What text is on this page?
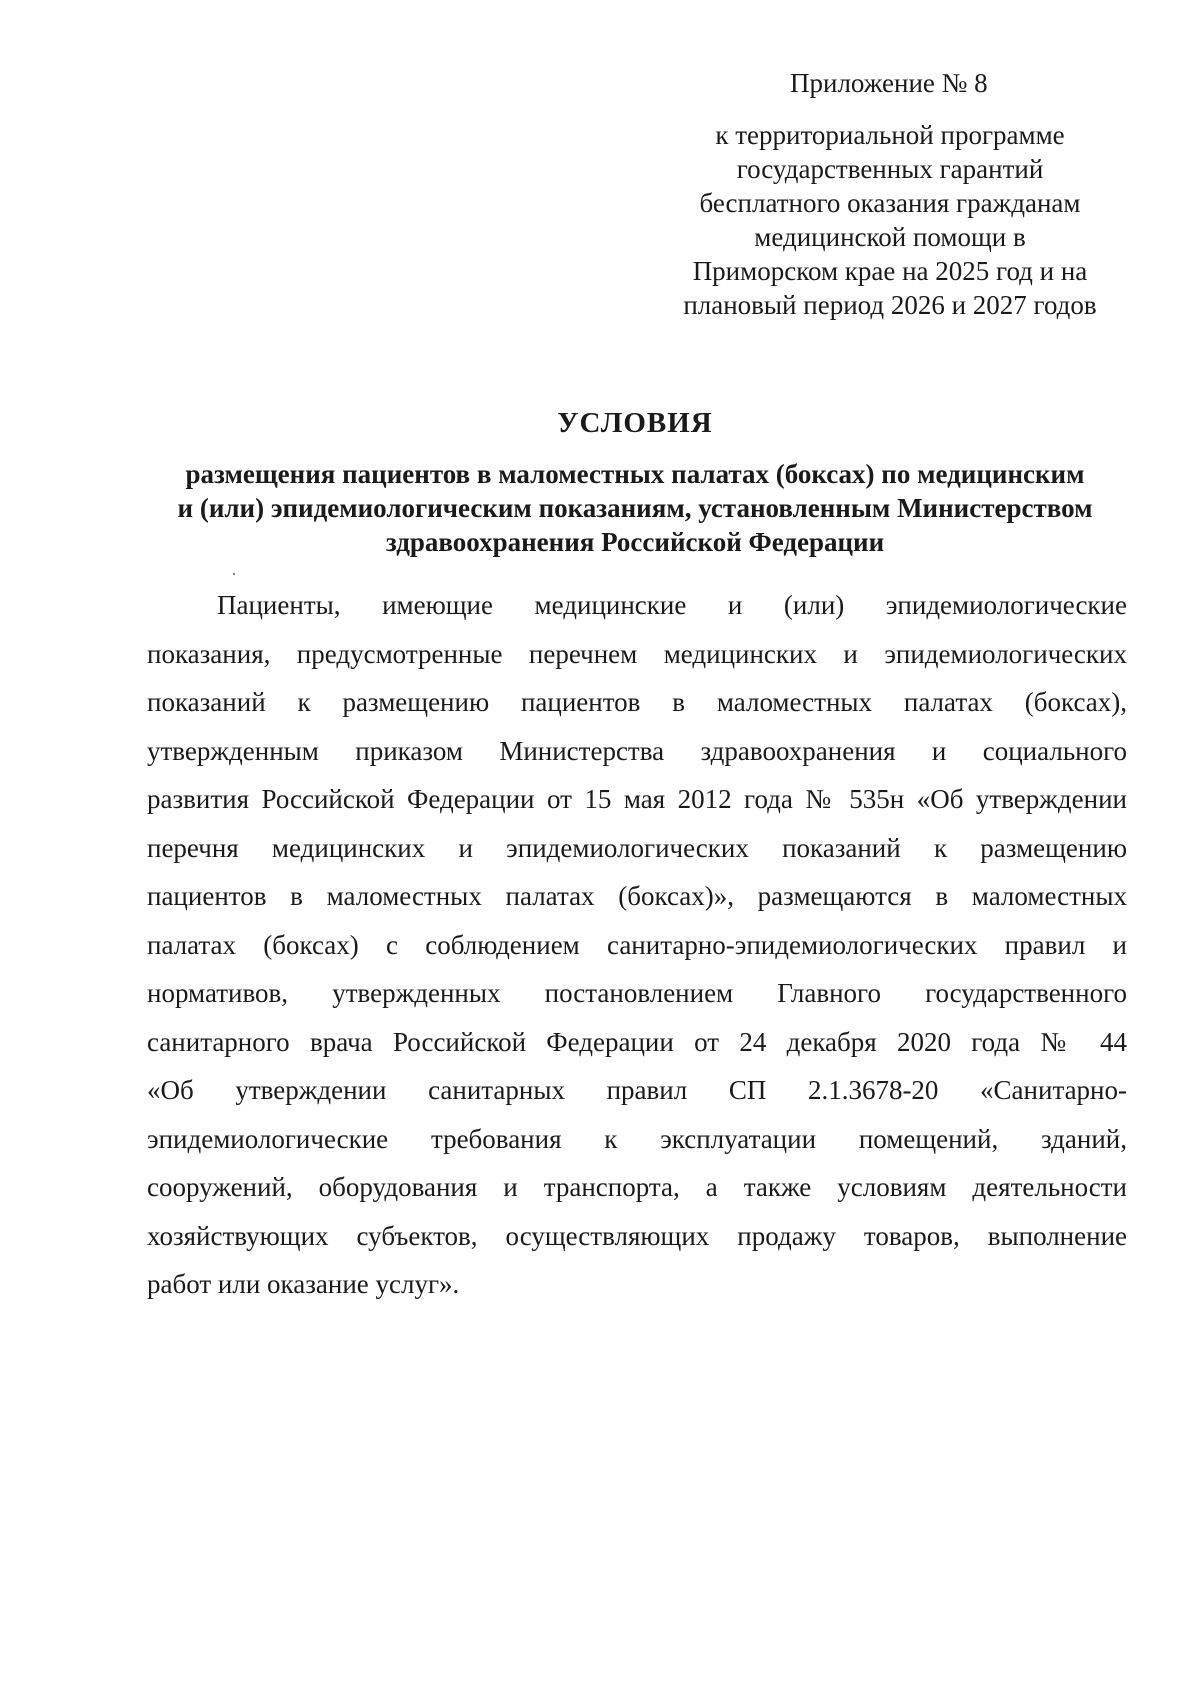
Приложение № 8
к территориальной программе
государственных гарантий
бесплатного оказания гражданам
медицинской помощи в
Приморском крае на 2025 год и на
плановый период 2026 и 2027 годов
УСЛОВИЯ
размещения пациентов в маломестных палатах (боксах) по медицинским
и (или) эпидемиологическим показаниям, установленным Министерством
здравоохранения Российской Федерации
Пациенты, имеющие медицинские и (или) эпидемиологические
показания, предусмотренные перечнем медицинских и эпидемиологических
показаний к размещению пациентов в маломестных палатах (боксах),
утвержденным приказом Министерства здравоохранения и социального
развития Российской Федерации от 15 мая 2012 года № 535н «Об утверждении
перечня медицинских и эпидемиологических показаний к размещению
пациентов в маломестных палатах (боксах)», размещаются в маломестных
палатах (боксах) с соблюдением санитарно-эпидемиологических правил и
нормативов, утвержденных постановлением Главного государственного
санитарного врача Российской Федерации от 24 декабря 2020 года № 44
«Об утверждении санитарных правил СП 2.1.3678-20 «Санитарно-
эпидемиологические требования к эксплуатации помещений, зданий,
сооружений, оборудования и транспорта, а также условиям деятельности
хозяйствующих субъектов, осуществляющих продажу товаров, выполнение
работ или оказание услуг».
